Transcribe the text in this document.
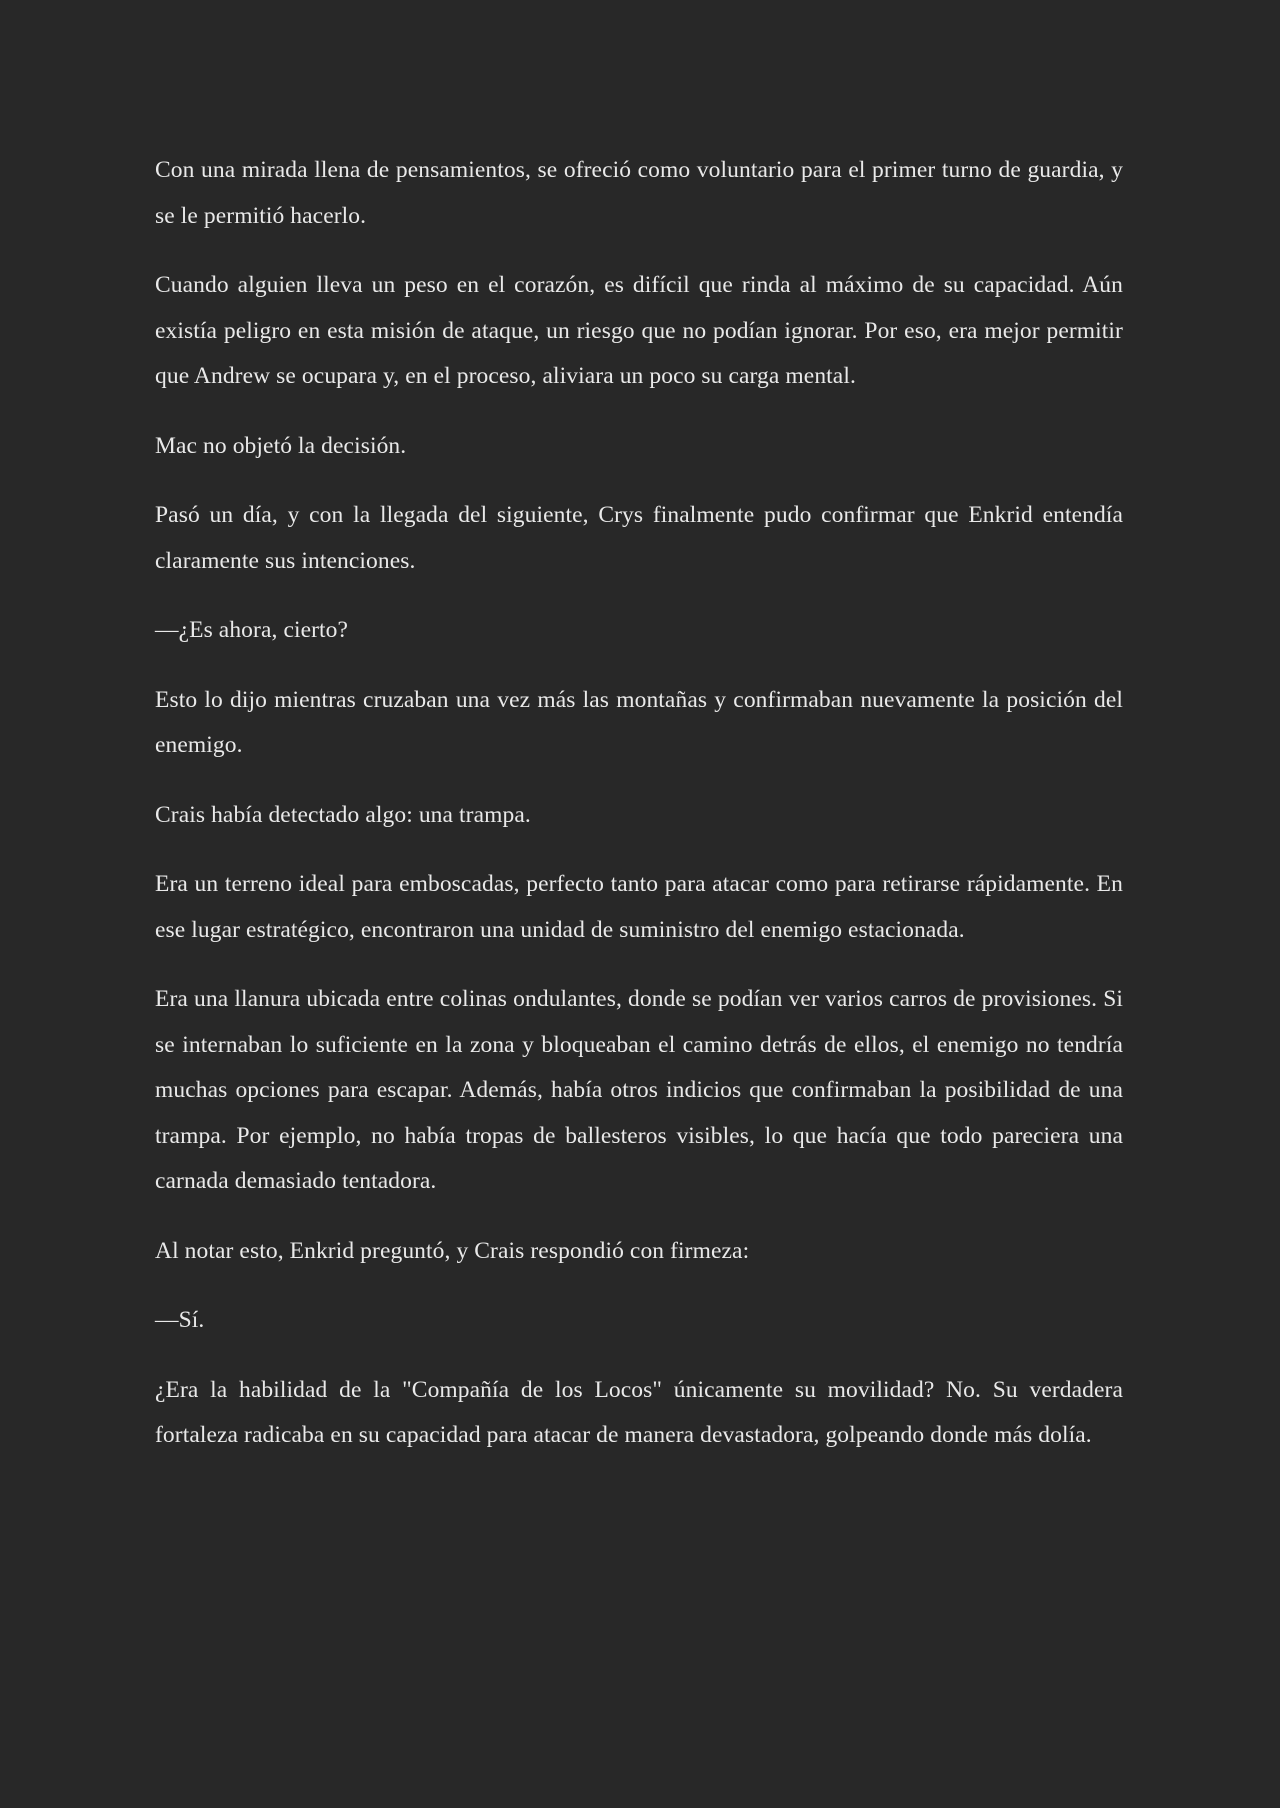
Con una mirada llena de pensamientos, se ofreció como voluntario para el primer turno de guardia, y se le permitió hacerlo.

Cuando alguien lleva un peso en el corazón, es difícil que rinda al máximo de su capacidad. Aún existía peligro en esta misión de ataque, un riesgo que no podían ignorar. Por eso, era mejor permitir que Andrew se ocupara y, en el proceso, aliviara un poco su carga mental.

Mac no objetó la decisión.

Pasó un día, y con la llegada del siguiente, Crys finalmente pudo confirmar que Enkrid entendía claramente sus intenciones.

—¿Es ahora, cierto?

Esto lo dijo mientras cruzaban una vez más las montañas y confirmaban nuevamente la posición del enemigo.

Crais había detectado algo: una trampa.

Era un terreno ideal para emboscadas, perfecto tanto para atacar como para retirarse rápidamente. En ese lugar estratégico, encontraron una unidad de suministro del enemigo estacionada.

Era una llanura ubicada entre colinas ondulantes, donde se podían ver varios carros de provisiones. Si se internaban lo suficiente en la zona y bloqueaban el camino detrás de ellos, el enemigo no tendría muchas opciones para escapar. Además, había otros indicios que confirmaban la posibilidad de una trampa. Por ejemplo, no había tropas de ballesteros visibles, lo que hacía que todo pareciera una carnada demasiado tentadora.

Al notar esto, Enkrid preguntó, y Crais respondió con firmeza:

—Sí.

¿Era la habilidad de la "Compañía de los Locos" únicamente su movilidad? No. Su verdadera fortaleza radicaba en su capacidad para atacar de manera devastadora, golpeando donde más dolía.
